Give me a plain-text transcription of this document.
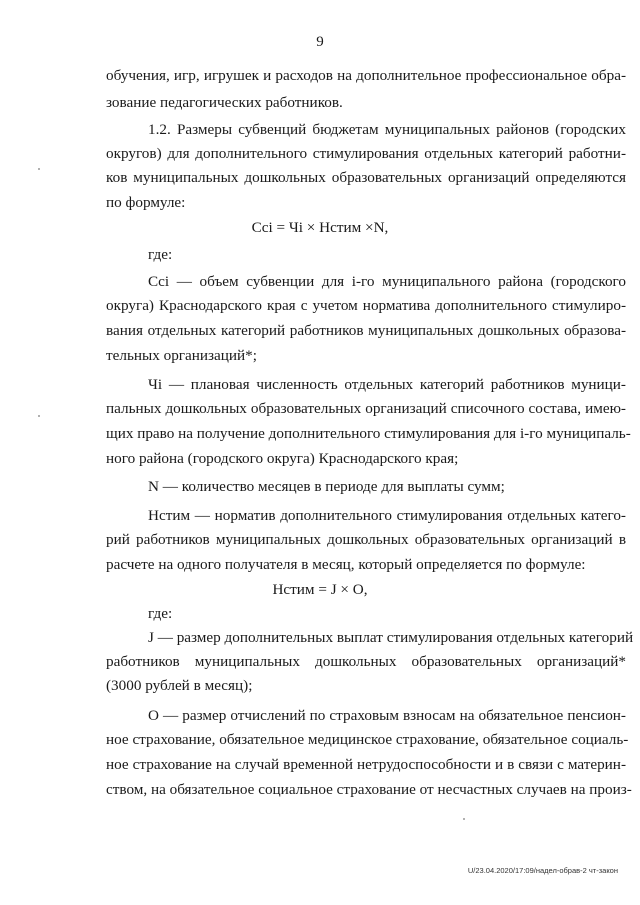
9
обучения, игр, игрушек и расходов на дополнительное профессиональное обра-
зование педагогических работников.
1.2. Размеры субвенций бюджетам муниципальных районов (городских
округов) для дополнительного стимулирования отдельных категорий работни-
ков муниципальных дошкольных образовательных организаций определяются
по формуле:
Cсi = Чi × Нстим ×N,
где:
Cсi — объем субвенции для i-го муниципального района (городского
округа) Краснодарского края с учетом норматива дополнительного стимулиро-
вания отдельных категорий работников муниципальных дошкольных образова-
тельных организаций*;
Чi — плановая численность отдельных категорий работников муници-
пальных дошкольных образовательных организаций списочного состава, имею-
щих право на получение дополнительного стимулирования для i-го муниципаль-
ного района (городского округа) Краснодарского края;
N — количество месяцев в периоде для выплаты сумм;
Нстим — норматив дополнительного стимулирования отдельных катего-
рий работников муниципальных дошкольных образовательных организаций в
расчете на одного получателя в месяц, который определяется по формуле:
Нстим = J × O,
где:
J — размер дополнительных выплат стимулирования отдельных категорий
работников муниципальных дошкольных образовательных организаций*
(3000 рублей в месяц);
O — размер отчислений по страховым взносам на обязательное пенсион-
ное страхование, обязательное медицинское страхование, обязательное социаль-
ное страхование на случай временной нетрудоспособности и в связи с материн-
ством, на обязательное социальное страхование от несчастных случаев на произ-
U/23.04.2020/17:09/надел-обрав-2 чт-закон
